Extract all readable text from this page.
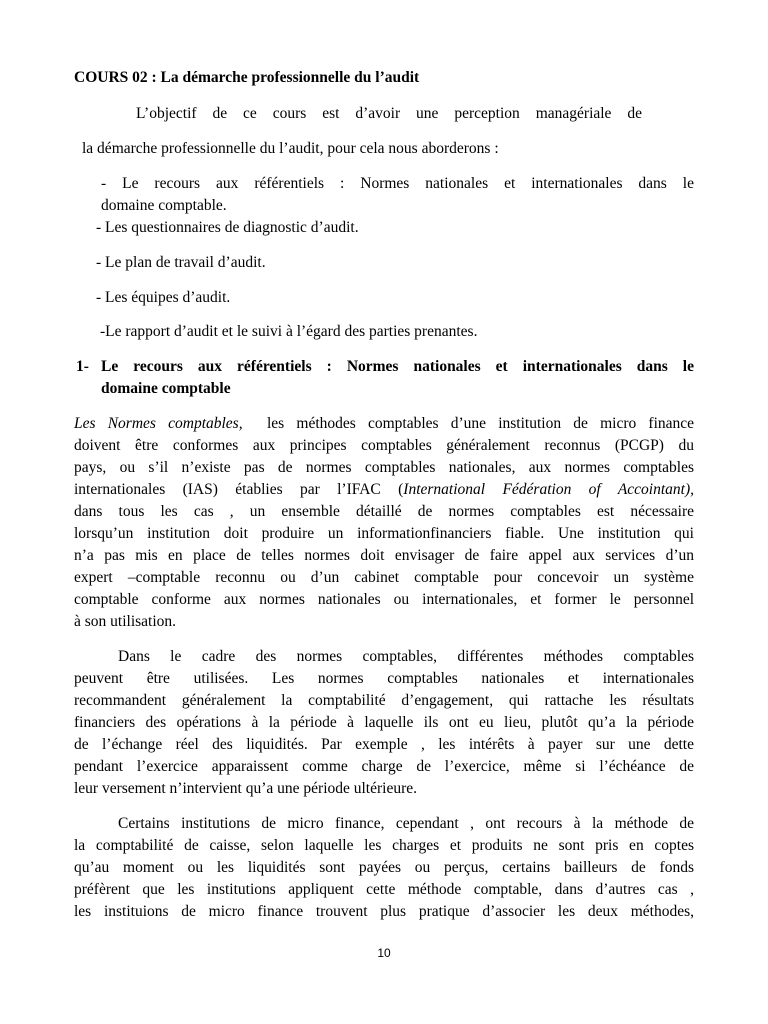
COURS 02 : La démarche professionnelle du l’audit
L’objectif de ce cours est d’avoir une perception managériale de
la démarche professionnelle du l’audit, pour cela nous aborderons :
- Le recours aux référentiels : Normes nationales et internationales dans le
domaine comptable.
- Les questionnaires de diagnostic d’audit.
- Le plan de travail d’audit.
- Les équipes d’audit.
-Le rapport d’audit et le suivi à l’égard des parties prenantes.
1- Le recours aux référentiels : Normes nationales et internationales dans le
domaine comptable
Les Normes comptables, les méthodes comptables d’une institution de micro finance
doivent être conformes aux principes comptables généralement reconnus (PCGP) du
pays, ou s’il n’existe pas de normes comptables nationales, aux normes comptables
internationales (IAS) établies par l’IFAC (International Fédération of Accointant),
dans tous les cas , un ensemble détaillé de normes comptables est nécessaire
lorsqu’un institution doit produire un informationfinanciers fiable. Une institution qui
n’a pas mis en place de telles normes doit envisager de faire appel aux services d’un
expert –comptable reconnu ou d’un cabinet comptable pour concevoir un système
comptable conforme aux normes nationales ou internationales, et former le personnel
à son utilisation.
Dans le cadre des normes comptables, différentes méthodes comptables
peuvent être utilisées. Les normes comptables nationales et internationales
recommandent généralement la comptabilité d’engagement, qui rattache les résultats
financiers des opérations à la période à laquelle ils ont eu lieu, plutôt qu’a la période
de l’échange réel des liquidités. Par exemple , les intérêts à payer sur une dette
pendant l’exercice apparaissent comme charge de l’exercice, même si l’échéance de
leur versement n’intervient qu’a une période ultérieure.
Certains institutions de micro finance, cependant , ont recours à la méthode de
la comptabilité de caisse, selon laquelle les charges et produits ne sont pris en coptes
qu’au moment ou les liquidités sont payées ou perçus, certains bailleurs de fonds
préfèrent que les institutions appliquent cette méthode comptable, dans d’autres cas ,
les instituions de micro finance trouvent plus pratique d’associer les deux méthodes,
10
